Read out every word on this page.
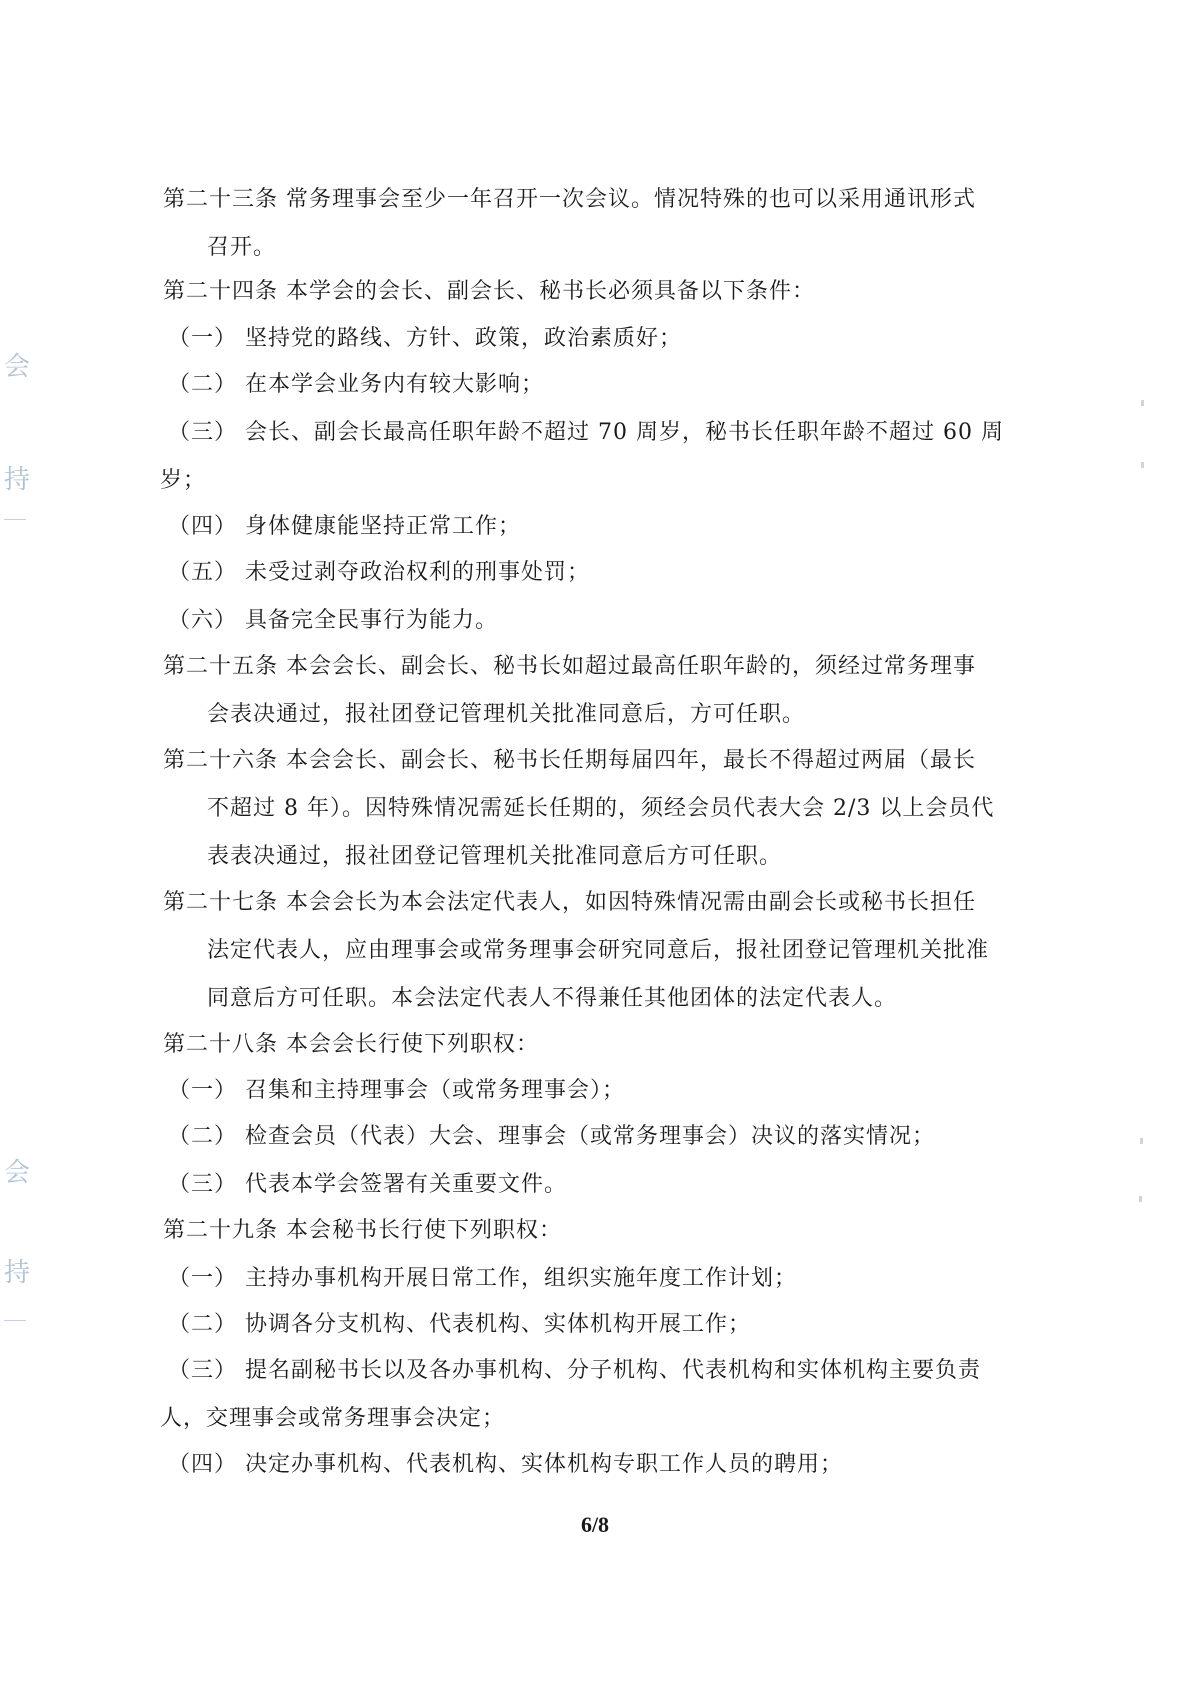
第二十三条 常务理事会至少一年召开一次会议。情况特殊的也可以采用通讯形式
召开。
第二十四条 本学会的会长、副会长、秘书长必须具备以下条件：
（一） 坚持党的路线、方针、政策，政治素质好；
（二） 在本学会业务内有较大影响；
（三） 会长、副会长最高任职年龄不超过 70 周岁，秘书长任职年龄不超过 60 周
岁；
（四） 身体健康能坚持正常工作；
（五） 未受过剥夺政治权利的刑事处罚；
（六） 具备完全民事行为能力。
第二十五条 本会会长、副会长、秘书长如超过最高任职年龄的，须经过常务理事
会表决通过，报社团登记管理机关批准同意后，方可任职。
第二十六条 本会会长、副会长、秘书长任期每届四年，最长不得超过两届（最长
不超过 8 年）。因特殊情况需延长任期的，须经会员代表大会 2/3 以上会员代
表表决通过，报社团登记管理机关批准同意后方可任职。
第二十七条 本会会长为本会法定代表人，如因特殊情况需由副会长或秘书长担任
法定代表人，应由理事会或常务理事会研究同意后，报社团登记管理机关批准
同意后方可任职。本会法定代表人不得兼任其他团体的法定代表人。
第二十八条 本会会长行使下列职权：
（一） 召集和主持理事会（或常务理事会）；
（二） 检查会员（代表）大会、理事会（或常务理事会）决议的落实情况；
（三） 代表本学会签署有关重要文件。
第二十九条 本会秘书长行使下列职权：
（一） 主持办事机构开展日常工作，组织实施年度工作计划；
（二） 协调各分支机构、代表机构、实体机构开展工作；
（三） 提名副秘书长以及各办事机构、分子机构、代表机构和实体机构主要负责
人，交理事会或常务理事会决定；
（四） 决定办事机构、代表机构、实体机构专职工作人员的聘用；
6/8
会
持
会
持
